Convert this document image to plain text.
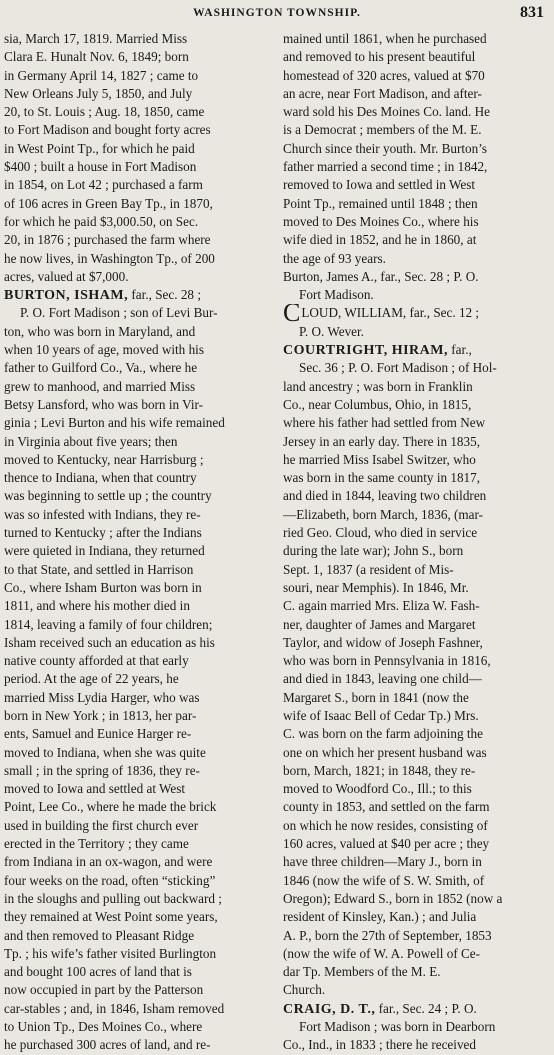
WASHINGTON TOWNSHIP.	831
sia, March 17, 1819. Married Miss
Clara E. Hunalt Nov. 6, 1849; born
in Germany April 14, 1827 ; came to
New Orleans July 5, 1850, and July
20, to St. Louis ; Aug. 18, 1850, came
to Fort Madison and bought forty acres
in West Point Tp., for which he paid
$400 ; built a house in Fort Madison
in 1854, on Lot 42 ; purchased a farm
of 106 acres in Green Bay Tp., in 1870,
for which he paid $3,000.50, on Sec.
20, in 1876 ; purchased the farm where
he now lives, in Washington Tp., of 200
acres, valued at $7,000.
BURTON, ISHAM, far., Sec. 28 ;
P. O. Fort Madison ; son of Levi Bur-
ton, who was born in Maryland, and
when 10 years of age, moved with his
father to Guilford Co., Va., where he
grew to manhood, and married Miss
Betsy Lansford, who was born in Vir-
ginia ; Levi Burton and his wife remained
in Virginia about five years; then
moved to Kentucky, near Harrisburg ;
thence to Indiana, when that country
was beginning to settle up ; the country
was so infested with Indians, they re-
turned to Kentucky ; after the Indians
were quieted in Indiana, they returned
to that State, and settled in Harrison
Co., where Isham Burton was born in
1811, and where his mother died in
1814, leaving a family of four children;
Isham received such an education as his
native county afforded at that early
period. At the age of 22 years, he
married Miss Lydia Harger, who was
born in New York ; in 1813, her par-
ents, Samuel and Eunice Harger re-
moved to Indiana, when she was quite
small ; in the spring of 1836, they re-
moved to Iowa and settled at West
Point, Lee Co., where he made the brick
used in building the first church ever
erected in the Territory ; they came
from Indiana in an ox-wagon, and were
four weeks on the road, often “sticking”
in the sloughs and pulling out backward ;
they remained at West Point some years,
and then removed to Pleasant Ridge
Tp. ; his wife’s father visited Burlington
and bought 100 acres of land that is
now occupied in part by the Patterson
car-stables ; and, in 1846, Isham removed
to Union Tp., Des Moines Co., where
he purchased 300 acres of land, and re-
mained until 1861, when he purchased
and removed to his present beautiful
homestead of 320 acres, valued at $70
an acre, near Fort Madison, and after-
ward sold his Des Moines Co. land. He
is a Democrat ; members of the M. E.
Church since their youth. Mr. Burton’s
father married a second time ; in 1842,
removed to Iowa and settled in West
Point Tp., remained until 1848 ; then
moved to Des Moines Co., where his
wife died in 1852, and he in 1860, at
the age of 93 years.
Burton, James A., far., Sec. 28 ; P. O.
Fort Madison.
CLOUD, WILLIAM, far., Sec. 12 ;
P. O. Wever.
COURTRIGHT, HIRAM, far.,
Sec. 36 ; P. O. Fort Madison ; of Hol-
land ancestry ; was born in Franklin
Co., near Columbus, Ohio, in 1815,
where his father had settled from New
Jersey in an early day. There in 1835,
he married Miss Isabel Switzer, who
was born in the same county in 1817,
and died in 1844, leaving two children
—Elizabeth, born March, 1836, (mar-
ried Geo. Cloud, who died in service
during the late war); John S., born
Sept. 1, 1837 (a resident of Mis-
souri, near Memphis). In 1846, Mr.
C. again married Mrs. Eliza W. Fash-
ner, daughter of James and Margaret
Taylor, and widow of Joseph Fashner,
who was born in Pennsylvania in 1816,
and died in 1843, leaving one child—
Margaret S., born in 1841 (now the
wife of Isaac Bell of Cedar Tp.) Mrs.
C. was born on the farm adjoining the
one on which her present husband was
born, March, 1821; in 1848, they re-
moved to Woodford Co., Ill.; to this
county in 1853, and settled on the farm
on which he now resides, consisting of
160 acres, valued at $40 per acre ; they
have three children—Mary J., born in
1846 (now the wife of S. W. Smith, of
Oregon); Edward S., born in 1852 (now a
resident of Kinsley, Kan.) ; and Julia
A. P., born the 27th of September, 1853
(now the wife of W. A. Powell of Ce-
dar Tp. Members of the M. E.
Church.
CRAIG, D. T., far., Sec. 24 ; P. O.
Fort Madison ; was born in Dearborn
Co., Ind., in 1833 ; there he received
